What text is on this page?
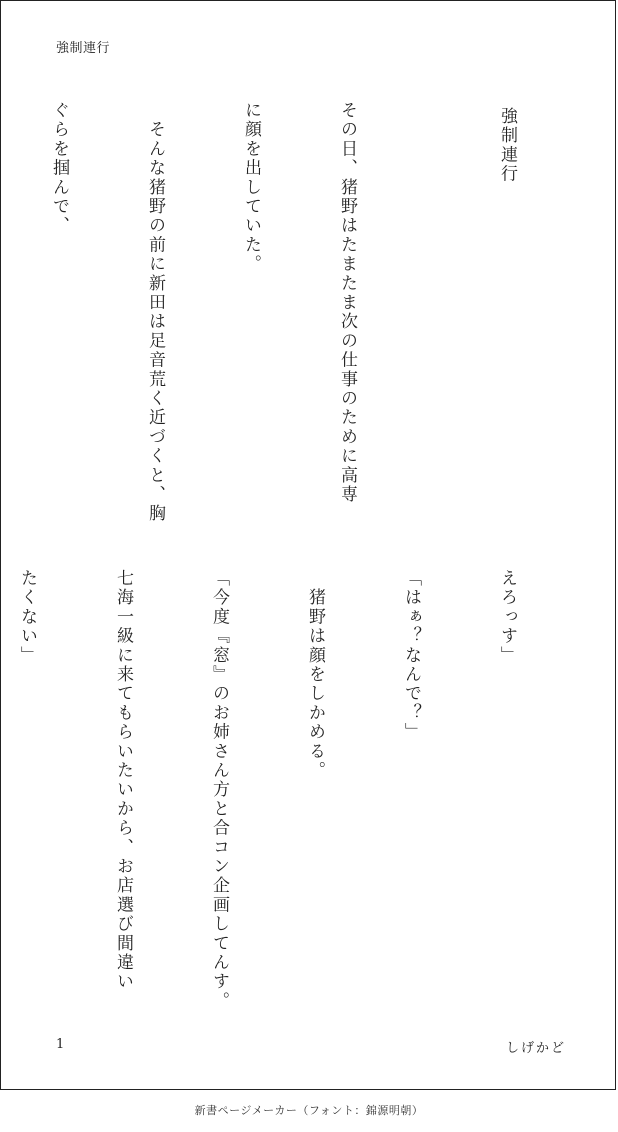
強制連行

強制連行

その日、猪野はたまたま次の仕事のために高専

に顔を出していた。

　そんな猪野の前に新田は足音荒く近づくと、胸

ぐらを掴んで、

えろっす」

「はぁ？なんで？」

　猪野は顔をしかめる。

「今度『窓』のお姉さん方と合コン企画してんす。

七海一級に来てもらいたいから、お店選び間違い

たくない」

1	しげかど
新書ページメーカー（フォント：錦源明朝）
